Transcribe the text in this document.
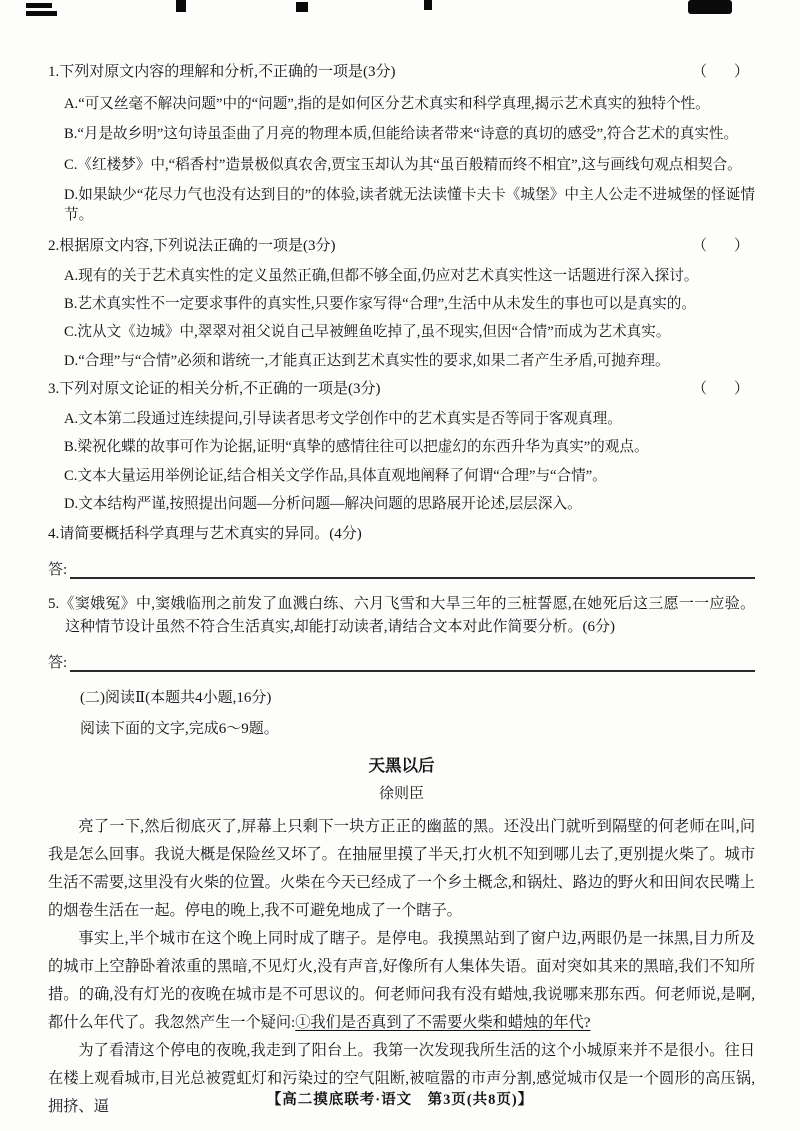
1.下列对原文内容的理解和分析,不正确的一项是(3分)	（　）
A.“可又丝毫不解决问题”中的“问题”,指的是如何区分艺术真实和科学真理,揭示艺术真实的独特个性。
B.“月是故乡明”这句诗虽歪曲了月亮的物理本质,但能给读者带来“诗意的真切的感受”,符合艺术的真实性。
C.《红楼梦》中,“稻香村”造景极似真农舍,贾宝玉却认为其“虽百般精而终不相宜”,这与画线句观点相契合。
D.如果缺少“花尽力气也没有达到目的”的体验,读者就无法读懂卡夫卡《城堡》中主人公走不进城堡的怪诞情节。
2.根据原文内容,下列说法正确的一项是(3分)	（　）
A.现有的关于艺术真实性的定义虽然正确,但都不够全面,仍应对艺术真实性这一话题进行深入探讨。
B.艺术真实性不一定要求事件的真实性,只要作家写得“合理”,生活中从未发生的事也可以是真实的。
C.沈从文《边城》中,翠翠对祖父说自己早被鲤鱼吃掉了,虽不现实,但因“合情”而成为艺术真实。
D.“合理”与“合情”必须和谐统一,才能真正达到艺术真实性的要求,如果二者产生矛盾,可抛弃理。
3.下列对原文论证的相关分析,不正确的一项是(3分)	（　）
A.文本第二段通过连续提问,引导读者思考文学创作中的艺术真实是否等同于客观真理。
B.梁祝化蝶的故事可作为论据,证明“真挚的感情往往可以把虚幻的东西升华为真实”的观点。
C.文本大量运用举例论证,结合相关文学作品,具体直观地阐释了何谓“合理”与“合情”。
D.文本结构严谨,按照提出问题—分析问题—解决问题的思路展开论述,层层深入。
4.请简要概括科学真理与艺术真实的异同。(4分)
答:
5.《窦娥冤》中,窦娥临刑之前发了血溅白练、六月飞雪和大旱三年的三桩誓愿,在她死后这三愿一一应验。这种情节设计虽然不符合生活真实,却能打动读者,请结合文本对此作简要分析。(6分)
答:
(二)阅读Ⅱ(本题共4小题,16分)
阅读下面的文字,完成6～9题。
天黑以后
徐则臣

亮了一下,然后彻底灭了,屏幕上只剩下一块方正正的幽蓝的黑。还没出门就听到隔壁的何老师在叫,问我是怎么回事。我说大概是保险丝又坏了。在抽屉里摸了半天,打火机不知到哪儿去了,更别提火柴了。城市生活不需要,这里没有火柴的位置。火柴在今天已经成了一个乡土概念,和锅灶、路边的野火和田间农民嘴上的烟卷生活在一起。停电的晚上,我不可避免地成了一个瞎子。

事实上,半个城市在这个晚上同时成了瞎子。是停电。我摸黑站到了窗户边,两眼仍是一抹黑,目力所及的城市上空静卧着浓重的黑暗,不见灯火,没有声音,好像所有人集体失语。面对突如其来的黑暗,我们不知所措。的确,没有灯光的夜晚在城市是不可思议的。何老师问我有没有蜡烛,我说哪来那东西。何老师说,是啊,都什么年代了。我忽然产生一个疑问:①我们是否真到了不需要火柴和蜡烛的年代?

为了看清这个停电的夜晚,我走到了阳台上。我第一次发现我所生活的这个小城原来并不是很小。往日在楼上观看城市,目光总被霓虹灯和污染过的空气阻断,被喧嚣的市声分割,感觉城市仅是一个圆形的高压锅,拥挤、逼	【高二摸底联考·语文　第3页(共8页)】
